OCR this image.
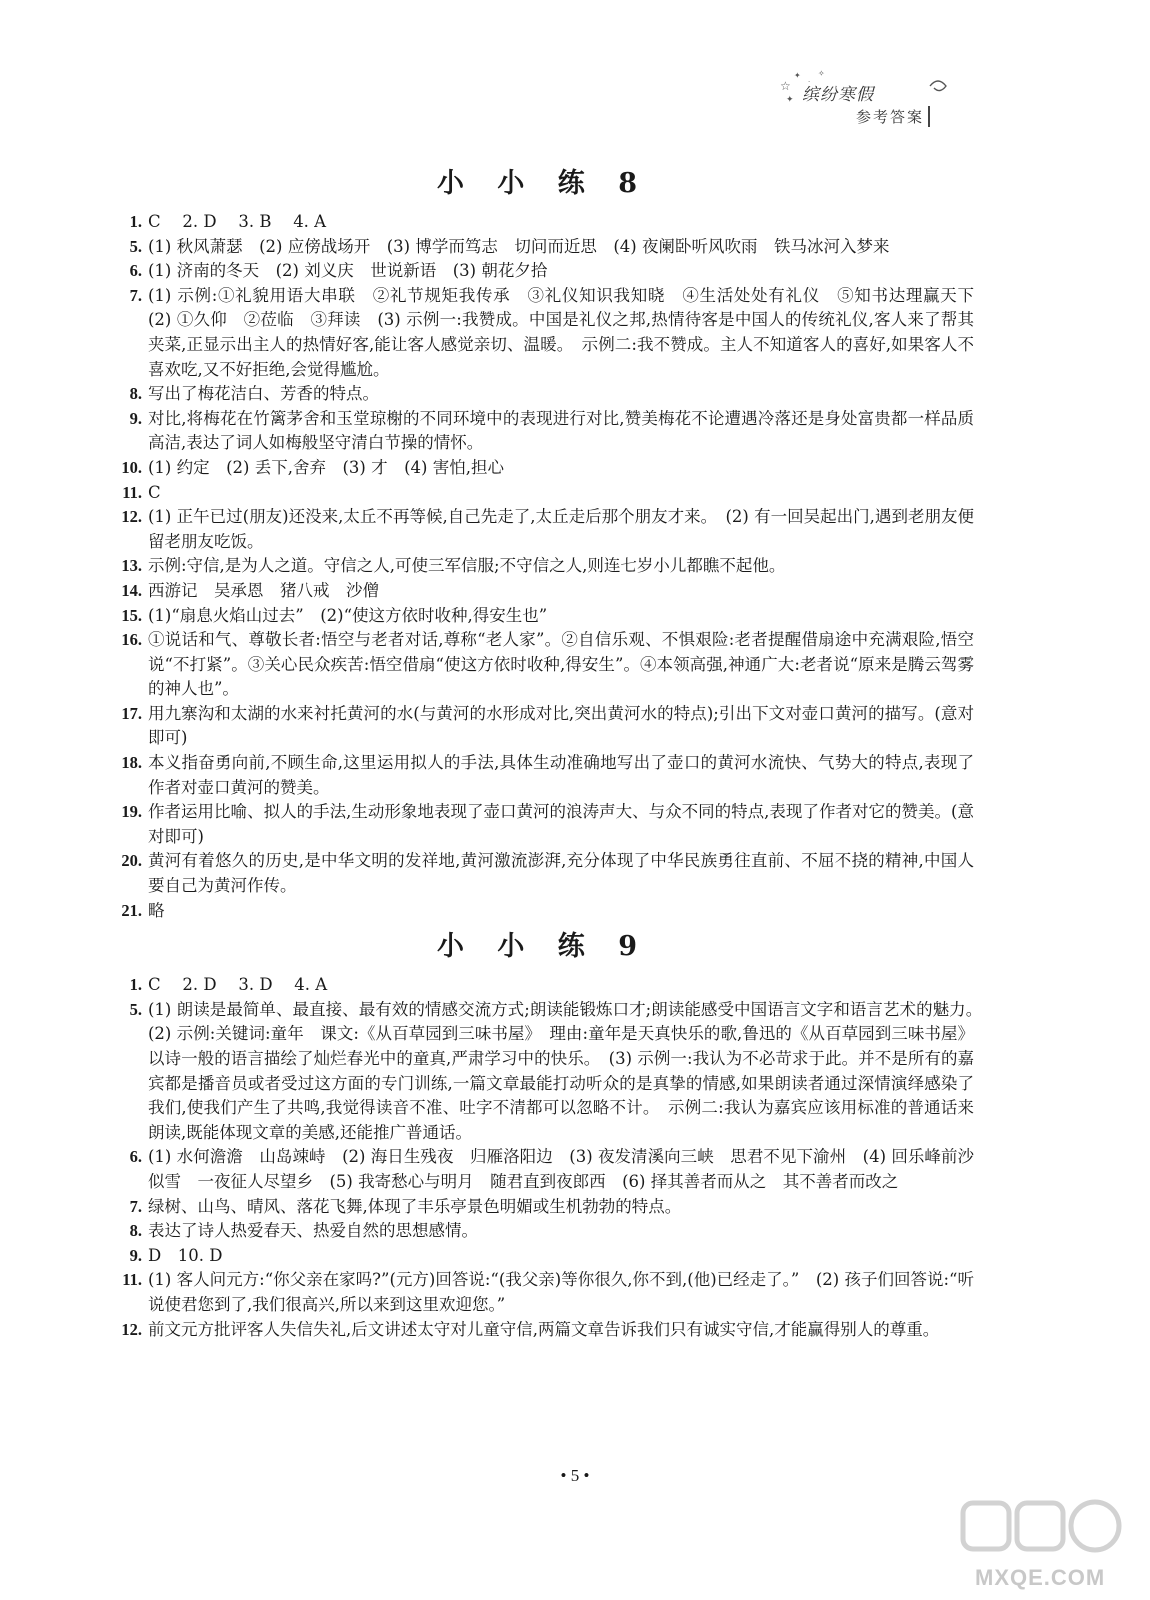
☆
✦
·
✧
✦ 缤纷寒假
参考答案
小 小 练 8
1. C　 2. D　 3. B　 4. A
5. (1) 秋风萧瑟　(2) 应傍战场开　(3) 博学而笃志　切问而近思　(4) 夜阑卧听风吹雨　铁马冰河入梦来
6. (1) 济南的冬天　(2) 刘义庆　世说新语　(3) 朝花夕拾
7. (1) 示例:①礼貌用语大串联　②礼节规矩我传承　③礼仪知识我知晓　④生活处处有礼仪　⑤知书达理赢天下　(2) ①久仰　②莅临　③拜读　(3) 示例一:我赞成。中国是礼仪之邦,热情待客是中国人的传统礼仪,客人来了帮其夹菜,正显示出主人的热情好客,能让客人感觉亲切、温暖。　示例二:我不赞成。主人不知道客人的喜好,如果客人不喜欢吃,又不好拒绝,会觉得尴尬。
8. 写出了梅花洁白、芳香的特点。
9. 对比,将梅花在竹篱茅舍和玉堂琼榭的不同环境中的表现进行对比,赞美梅花不论遭遇冷落还是身处富贵都一样品质高洁,表达了词人如梅般坚守清白节操的情怀。
10. (1) 约定　(2) 丢下,舍弃　(3) 才　(4) 害怕,担心
11. C
12. (1) 正午已过(朋友)还没来,太丘不再等候,自己先走了,太丘走后那个朋友才来。　(2) 有一回吴起出门,遇到老朋友便留老朋友吃饭。
13. 示例:守信,是为人之道。守信之人,可使三军信服;不守信之人,则连七岁小儿都瞧不起他。
14. 西游记　吴承恩　猪八戒　沙僧
15. (1)“扇息火焰山过去”　(2)“使这方依时收种,得安生也”
16. ①说话和气、尊敬长者:悟空与老者对话,尊称“老人家”。②自信乐观、不惧艰险:老者提醒借扇途中充满艰险,悟空说“不打紧”。③关心民众疾苦:悟空借扇“使这方依时收种,得安生”。④本领高强,神通广大:老者说“原来是腾云驾雾的神人也”。
17. 用九寨沟和太湖的水来衬托黄河的水(与黄河的水形成对比,突出黄河水的特点);引出下文对壶口黄河的描写。(意对即可)
18. 本义指奋勇向前,不顾生命,这里运用拟人的手法,具体生动准确地写出了壶口的黄河水流快、气势大的特点,表现了作者对壶口黄河的赞美。
19. 作者运用比喻、拟人的手法,生动形象地表现了壶口黄河的浪涛声大、与众不同的特点,表现了作者对它的赞美。(意对即可)
20. 黄河有着悠久的历史,是中华文明的发祥地,黄河激流澎湃,充分体现了中华民族勇往直前、不屈不挠的精神,中国人要自己为黄河作传。
21. 略
小 小 练 9
1. C　 2. D　 3. D　 4. A
5. (1) 朗读是最简单、最直接、最有效的情感交流方式;朗读能锻炼口才;朗读能感受中国语言文字和语言艺术的魅力。　(2) 示例:关键词:童年　课文:《从百草园到三味书屋》　理由:童年是天真快乐的歌,鲁迅的《从百草园到三味书屋》以诗一般的语言描绘了灿烂春光中的童真,严肃学习中的快乐。　(3) 示例一:我认为不必苛求于此。并不是所有的嘉宾都是播音员或者受过这方面的专门训练,一篇文章最能打动听众的是真挚的情感,如果朗读者通过深情演绎感染了我们,使我们产生了共鸣,我觉得读音不准、吐字不清都可以忽略不计。　示例二:我认为嘉宾应该用标准的普通话来朗读,既能体现文章的美感,还能推广普通话。
6. (1) 水何澹澹　山岛竦峙　(2) 海日生残夜　归雁洛阳边　(3) 夜发清溪向三峡　思君不见下渝州　(4) 回乐峰前沙似雪　一夜征人尽望乡　(5) 我寄愁心与明月　随君直到夜郎西　(6) 择其善者而从之　其不善者而改之
7. 绿树、山鸟、晴风、落花飞舞,体现了丰乐亭景色明媚或生机勃勃的特点。
8. 表达了诗人热爱春天、热爱自然的思想感情。
9. D　10. D
11. (1) 客人问元方:“你父亲在家吗?”(元方)回答说:“(我父亲)等你很久,你不到,(他)已经走了。”　(2) 孩子们回答说:“听说使君您到了,我们很高兴,所以来到这里欢迎您。”
12. 前文元方批评客人失信失礼,后文讲述太守对儿童守信,两篇文章告诉我们只有诚实守信,才能赢得别人的尊重。
• 5 •
MXQE.COM
